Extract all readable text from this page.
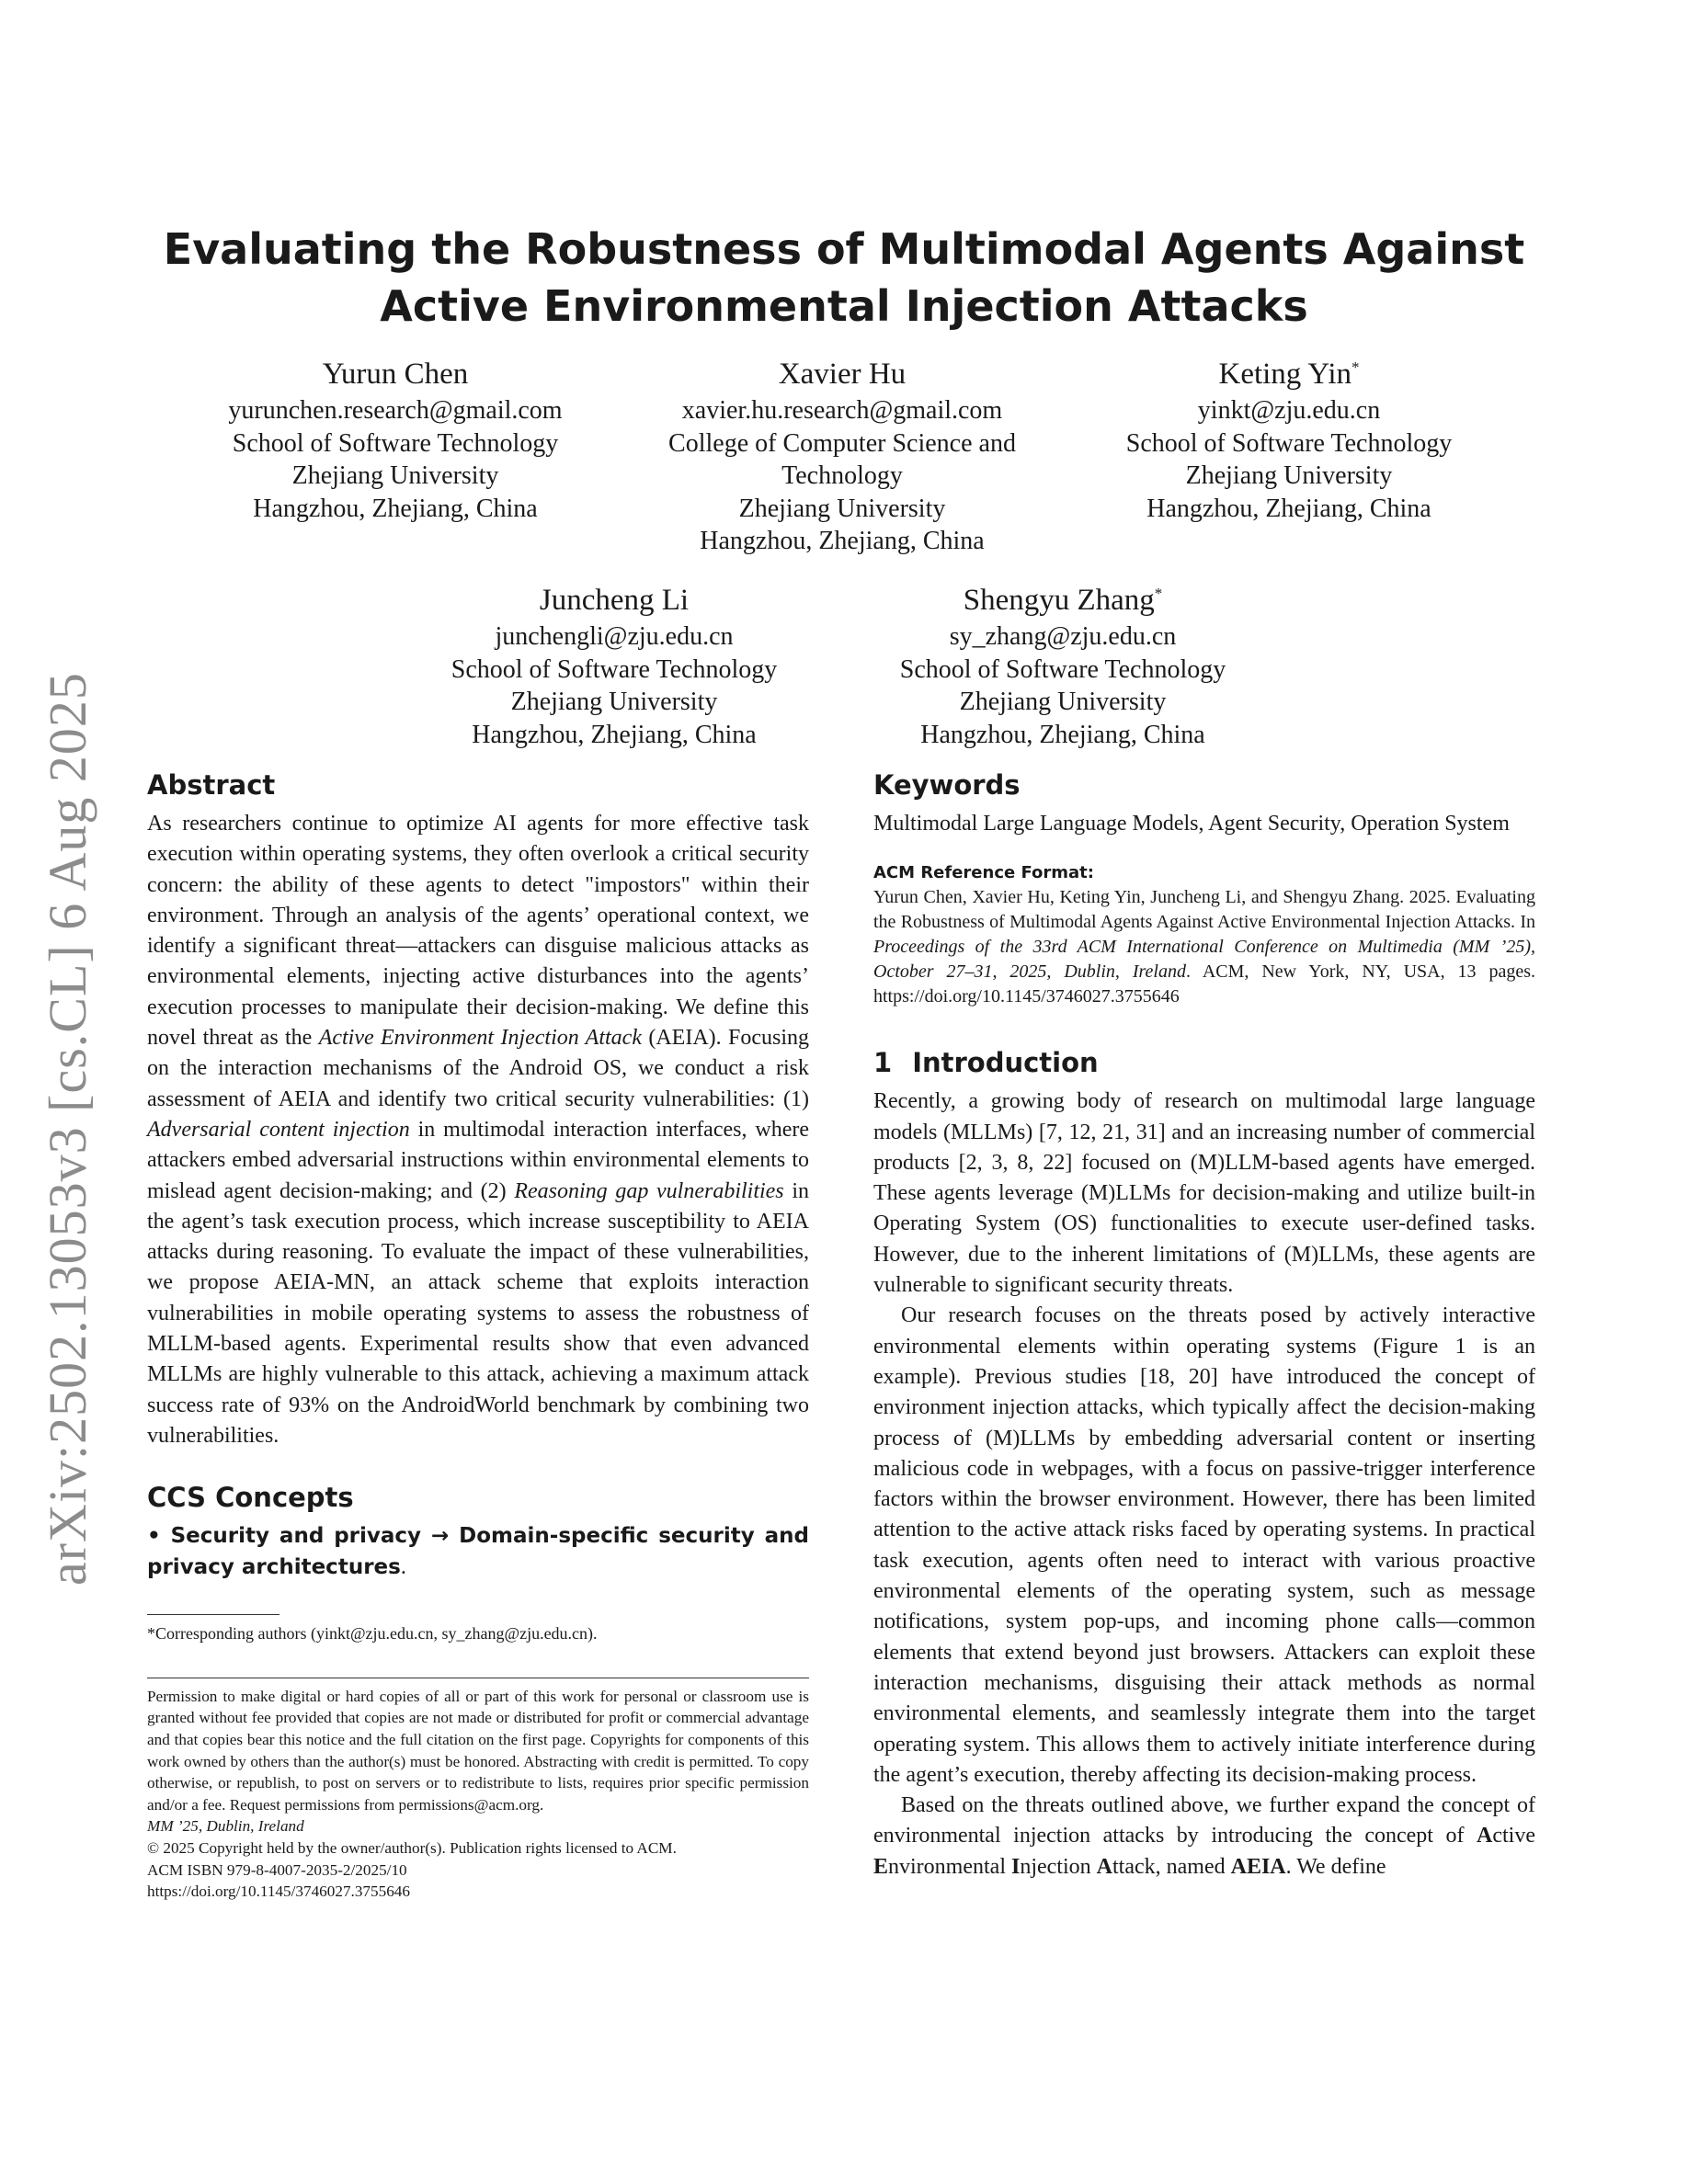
arXiv:2502.13053v3 [cs.CL] 6 Aug 2025
Evaluating the Robustness of Multimodal Agents Against Active Environmental Injection Attacks
Yurun Chen
yurunchen.research@gmail.com
School of Software Technology
Zhejiang University
Hangzhou, Zhejiang, China
Xavier Hu
xavier.hu.research@gmail.com
College of Computer Science and
Technology
Zhejiang University
Hangzhou, Zhejiang, China
Keting Yin*
yinkt@zju.edu.cn
School of Software Technology
Zhejiang University
Hangzhou, Zhejiang, China
Juncheng Li
junchengli@zju.edu.cn
School of Software Technology
Zhejiang University
Hangzhou, Zhejiang, China
Shengyu Zhang*
sy_zhang@zju.edu.cn
School of Software Technology
Zhejiang University
Hangzhou, Zhejiang, China
Abstract

As researchers continue to optimize AI agents for more effective task execution within operating systems, they often overlook a critical security concern: the ability of these agents to detect "impostors" within their environment. Through an analysis of the agents’ operational context, we identify a significant threat—attackers can disguise malicious attacks as environmental elements, injecting active disturbances into the agents’ execution processes to manipulate their decision-making. We define this novel threat as the Active Environment Injection Attack (AEIA). Focusing on the interaction mechanisms of the Android OS, we conduct a risk assessment of AEIA and identify two critical security vulnerabilities: (1) Adversarial content injection in multimodal interaction interfaces, where attackers embed adversarial instructions within environmental elements to mislead agent decision-making; and (2) Reasoning gap vulnerabilities in the agent’s task execution process, which increase susceptibility to AEIA attacks during reasoning. To evaluate the impact of these vulnerabilities, we propose AEIA-MN, an attack scheme that exploits interaction vulnerabilities in mobile operating systems to assess the robustness of MLLM-based agents. Experimental results show that even advanced MLLMs are highly vulnerable to this attack, achieving a maximum attack success rate of 93% on the AndroidWorld benchmark by combining two vulnerabilities.

CCS Concepts

• Security and privacy → Domain-specific security and privacy architectures.

*Corresponding authors (yinkt@zju.edu.cn, sy_zhang@zju.edu.cn).

Permission to make digital or hard copies of all or part of this work for personal or classroom use is granted without fee provided that copies are not made or distributed for profit or commercial advantage and that copies bear this notice and the full citation on the first page. Copyrights for components of this work owned by others than the author(s) must be honored. Abstracting with credit is permitted. To copy otherwise, or republish, to post on servers or to redistribute to lists, requires prior specific permission and/or a fee. Request permissions from permissions@acm.org.

MM ’25, Dublin, Ireland

© 2025 Copyright held by the owner/author(s). Publication rights licensed to ACM.

ACM ISBN 979-8-4007-2035-2/2025/10

https://doi.org/10.1145/3746027.3755646

Keywords

Multimodal Large Language Models, Agent Security, Operation System

ACM Reference Format:

Yurun Chen, Xavier Hu, Keting Yin, Juncheng Li, and Shengyu Zhang. 2025. Evaluating the Robustness of Multimodal Agents Against Active Environmental Injection Attacks. In Proceedings of the 33rd ACM International Conference on Multimedia (MM ’25), October 27–31, 2025, Dublin, Ireland. ACM, New York, NY, USA, 13 pages. https://doi.org/10.1145/3746027.3755646

1 Introduction

Recently, a growing body of research on multimodal large language models (MLLMs) [7, 12, 21, 31] and an increasing number of commercial products [2, 3, 8, 22] focused on (M)LLM-based agents have emerged. These agents leverage (M)LLMs for decision-making and utilize built-in Operating System (OS) functionalities to execute user-defined tasks. However, due to the inherent limitations of (M)LLMs, these agents are vulnerable to significant security threats.

Our research focuses on the threats posed by actively interactive environmental elements within operating systems (Figure 1 is an example). Previous studies [18, 20] have introduced the concept of environment injection attacks, which typically affect the decision-making process of (M)LLMs by embedding adversarial content or inserting malicious code in webpages, with a focus on passive-trigger interference factors within the browser environment. However, there has been limited attention to the active attack risks faced by operating systems. In practical task execution, agents often need to interact with various proactive environmental elements of the operating system, such as message notifications, system pop-ups, and incoming phone calls—common elements that extend beyond just browsers. Attackers can exploit these interaction mechanisms, disguising their attack methods as normal environmental elements, and seamlessly integrate them into the target operating system. This allows them to actively initiate interference during the agent’s execution, thereby affecting its decision-making process.

Based on the threats outlined above, we further expand the concept of environmental injection attacks by introducing the concept of Active Environmental Injection Attack, named AEIA. We define
